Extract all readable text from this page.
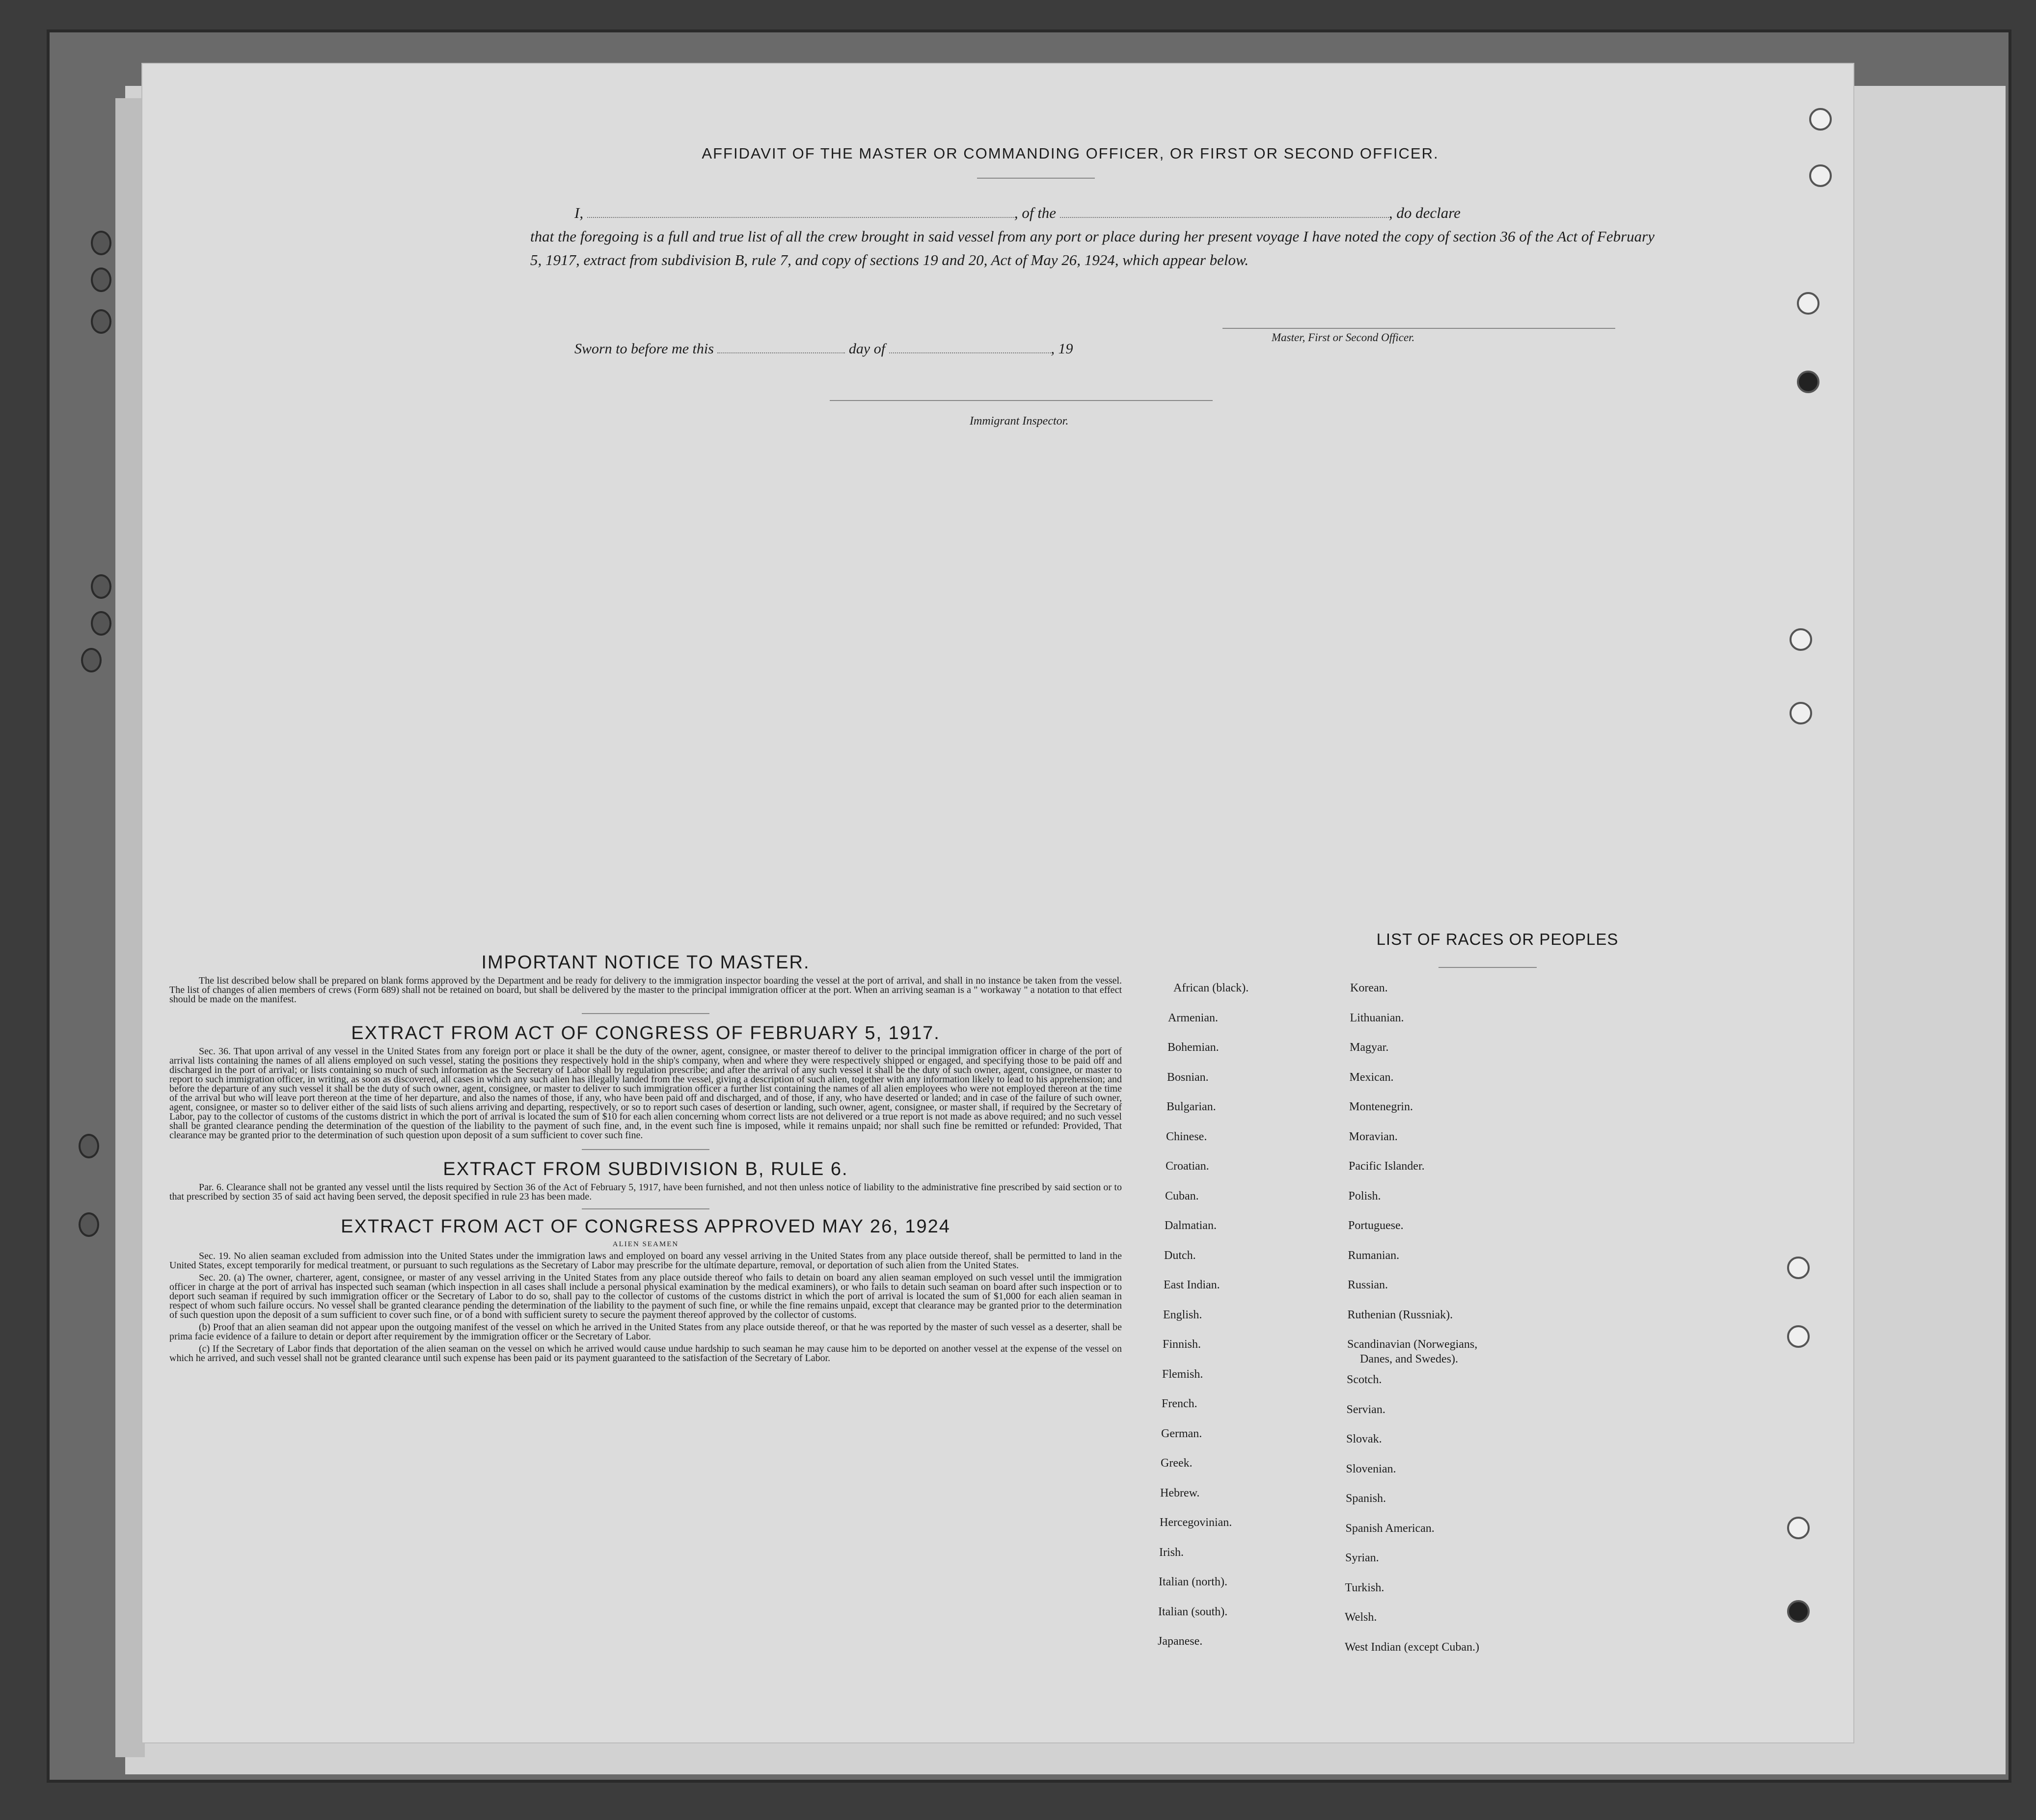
AFFIDAVIT OF THE MASTER OR COMMANDING OFFICER, OR FIRST OR SECOND OFFICER.
I,	, of the	, do declare
that the foregoing is a full and true list of all the crew brought in said vessel from any port or place during her present voyage I have noted the copy of section 36 of the Act of February 5, 1917, extract from subdivision B, rule 7, and copy of sections 19 and 20, Act of May 26, 1924, which appear below.
Sworn to before me this	day of	, 19
Master, First or Second Officer.
Immigrant Inspector.

IMPORTANT NOTICE TO MASTER.

The list described below shall be prepared on blank forms approved by the Department and be ready for delivery to the immigration inspector boarding the vessel at the port of arrival, and shall in no instance be taken from the vessel. The list of changes of alien members of crews (Form 689) shall not be retained on board, but shall be delivered by the master to the principal immigration officer at the port. When an arriving seaman is a " workaway " a notation to that effect should be made on the manifest.

EXTRACT FROM ACT OF CONGRESS OF FEBRUARY 5, 1917.

Sec. 36. That upon arrival of any vessel in the United States from any foreign port or place it shall be the duty of the owner, agent, consignee, or master thereof to deliver to the principal immigration officer in charge of the port of arrival lists containing the names of all aliens employed on such vessel, stating the positions they respectively hold in the ship's company, when and where they were respectively shipped or engaged, and specifying those to be paid off and discharged in the port of arrival; or lists containing so much of such information as the Secretary of Labor shall by regulation prescribe; and after the arrival of any such vessel it shall be the duty of such owner, agent, consignee, or master to report to such immigration officer, in writing, as soon as discovered, all cases in which any such alien has illegally landed from the vessel, giving a description of such alien, together with any information likely to lead to his apprehension; and before the departure of any such vessel it shall be the duty of such owner, agent, consignee, or master to deliver to such immigration officer a further list containing the names of all alien employees who were not employed thereon at the time of the arrival but who will leave port thereon at the time of her departure, and also the names of those, if any, who have been paid off and discharged, and of those, if any, who have deserted or landed; and in case of the failure of such owner, agent, consignee, or master so to deliver either of the said lists of such aliens arriving and departing, respectively, or so to report such cases of desertion or landing, such owner, agent, consignee, or master shall, if required by the Secretary of Labor, pay to the collector of customs of the customs district in which the port of arrival is located the sum of $10 for each alien concerning whom correct lists are not delivered or a true report is not made as above required; and no such vessel shall be granted clearance pending the determination of the question of the liability to the payment of such fine, and, in the event such fine is imposed, while it remains unpaid; nor shall such fine be remitted or refunded: Provided, That clearance may be granted prior to the determination of such question upon deposit of a sum sufficient to cover such fine.

EXTRACT FROM SUBDIVISION B, RULE 6.

Par. 6. Clearance shall not be granted any vessel until the lists required by Section 36 of the Act of February 5, 1917, have been furnished, and not then unless notice of liability to the administrative fine prescribed by said section or to that prescribed by section 35 of said act having been served, the deposit specified in rule 23 has been made.

EXTRACT FROM ACT OF CONGRESS APPROVED MAY 26, 1924

ALIEN SEAMEN

Sec. 19. No alien seaman excluded from admission into the United States under the immigration laws and employed on board any vessel arriving in the United States from any place outside thereof, shall be permitted to land in the United States, except temporarily for medical treatment, or pursuant to such regulations as the Secretary of Labor may prescribe for the ultimate departure, removal, or deportation of such alien from the United States.

Sec. 20. (a) The owner, charterer, agent, consignee, or master of any vessel arriving in the United States from any place outside thereof who fails to detain on board any alien seaman employed on such vessel until the immigration officer in charge at the port of arrival has inspected such seaman (which inspection in all cases shall include a personal physical examination by the medical examiners), or who fails to detain such seaman on board after such inspection or to deport such seaman if required by such immigration officer or the Secretary of Labor to do so, shall pay to the collector of customs of the customs district in which the port of arrival is located the sum of $1,000 for each alien seaman in respect of whom such failure occurs. No vessel shall be granted clearance pending the determination of the liability to the payment of such fine, or while the fine remains unpaid, except that clearance may be granted prior to the determination of such question upon the deposit of a sum sufficient to cover such fine, or of a bond with sufficient surety to secure the payment thereof approved by the collector of customs.

(b) Proof that an alien seaman did not appear upon the outgoing manifest of the vessel on which he arrived in the United States from any place outside thereof, or that he was reported by the master of such vessel as a deserter, shall be prima facie evidence of a failure to detain or deport after requirement by the immigration officer or the Secretary of Labor.

(c) If the Secretary of Labor finds that deportation of the alien seaman on the vessel on which he arrived would cause undue hardship to such seaman he may cause him to be deported on another vessel at the expense of the vessel on which he arrived, and such vessel shall not be granted clearance until such expense has been paid or its payment guaranteed to the satisfaction of the Secretary of Labor.

LIST OF RACES OR PEOPLES
African (black).
Armenian.
Bohemian.
Bosnian.
Bulgarian.
Chinese.
Croatian.
Cuban.
Dalmatian.
Dutch.
East Indian.
English.
Finnish.
Flemish.
French.
German.
Greek.
Hebrew.
Hercegovinian.
Irish.
Italian (north).
Italian (south).
Japanese.
Korean.
Lithuanian.
Magyar.
Mexican.
Montenegrin.
Moravian.
Pacific Islander.
Polish.
Portuguese.
Rumanian.
Russian.
Ruthenian (Russniak).
Scandinavian (Norwegians,
Danes, and Swedes).
Scotch.
Servian.
Slovak.
Slovenian.
Spanish.
Spanish American.
Syrian.
Turkish.
Welsh.
West Indian (except Cuban.)
